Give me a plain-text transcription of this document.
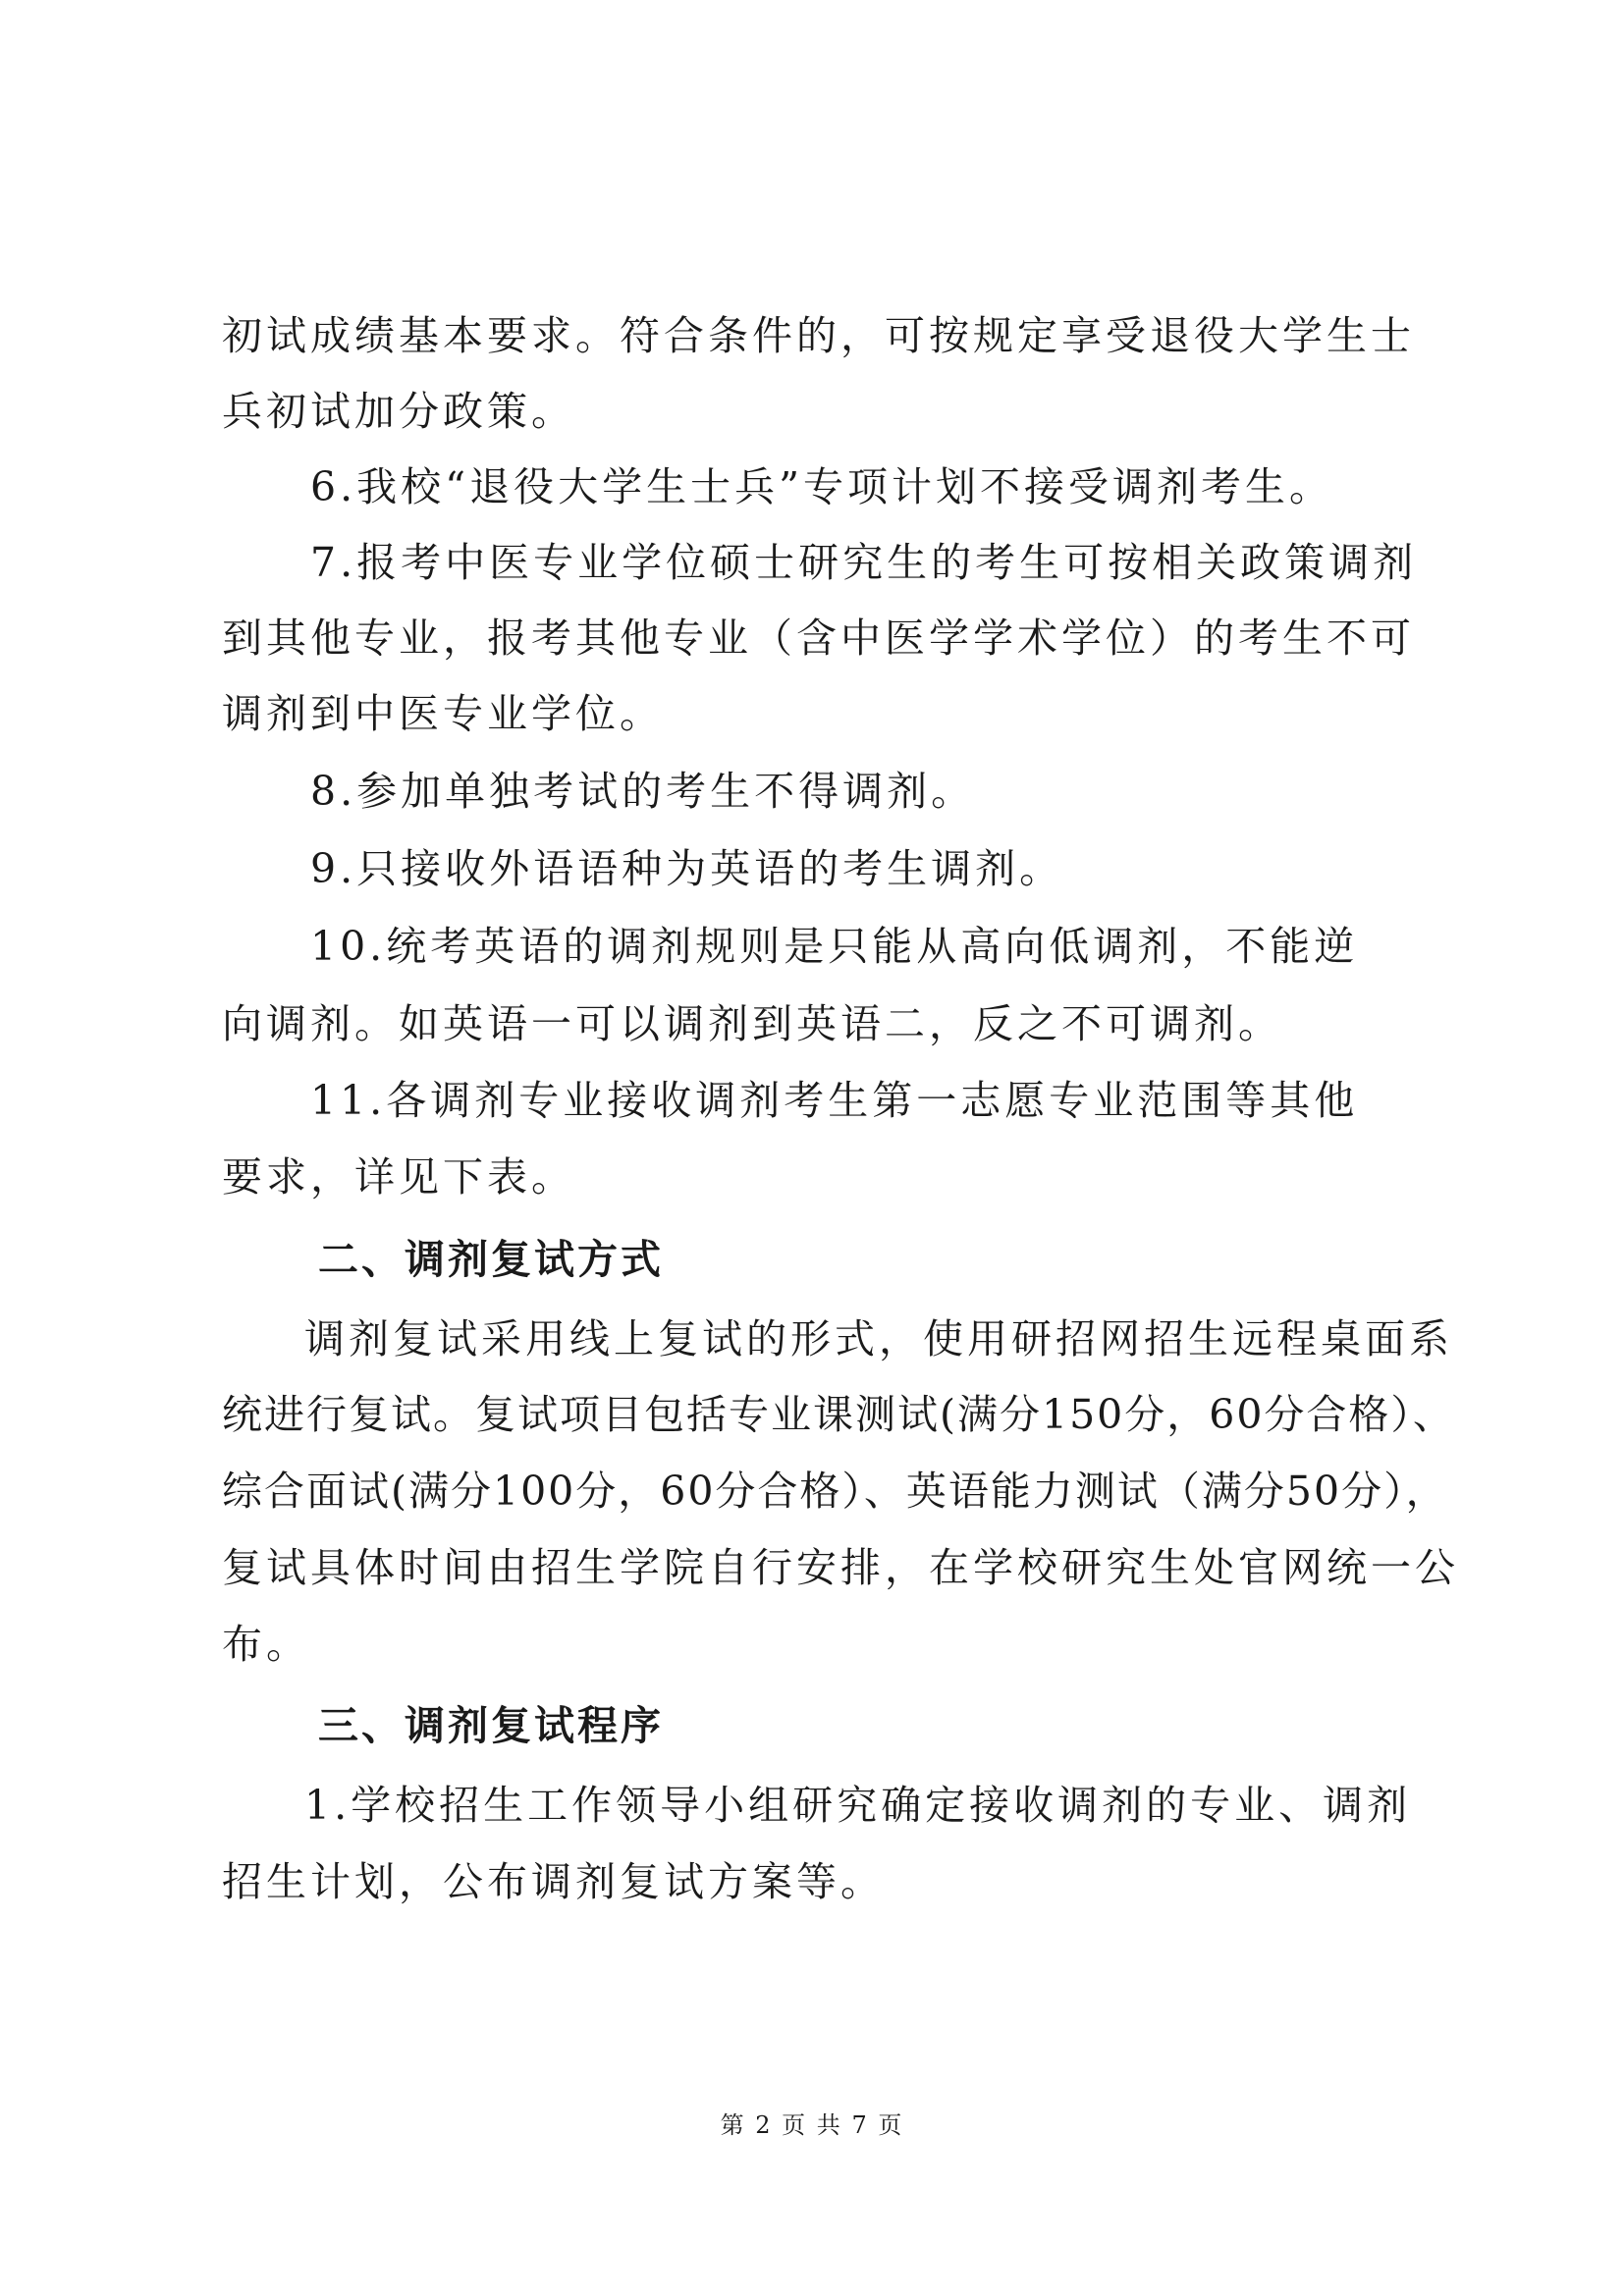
初试成绩基本要求。符合条件的，可按规定享受退役大学生士
兵初试加分政策。
6.我校“退役大学生士兵”专项计划不接受调剂考生。
7.报考中医专业学位硕士研究生的考生可按相关政策调剂
到其他专业，报考其他专业（含中医学学术学位）的考生不可
调剂到中医专业学位。
8.参加单独考试的考生不得调剂。
9.只接收外语语种为英语的考生调剂。
10.统考英语的调剂规则是只能从高向低调剂，不能逆
向调剂。如英语一可以调剂到英语二，反之不可调剂。
11.各调剂专业接收调剂考生第一志愿专业范围等其他
要求，详见下表。
二、调剂复试方式
调剂复试采用线上复试的形式，使用研招网招生远程桌面系
统进行复试。复试项目包括专业课测试(满分150分，60分合格）、
综合面试(满分100分，60分合格）、英语能力测试（满分50分），
复试具体时间由招生学院自行安排，在学校研究生处官网统一公
布。
三、调剂复试程序
1.学校招生工作领导小组研究确定接收调剂的专业、调剂
招生计划，公布调剂复试方案等。
第 2 页 共 7 页
